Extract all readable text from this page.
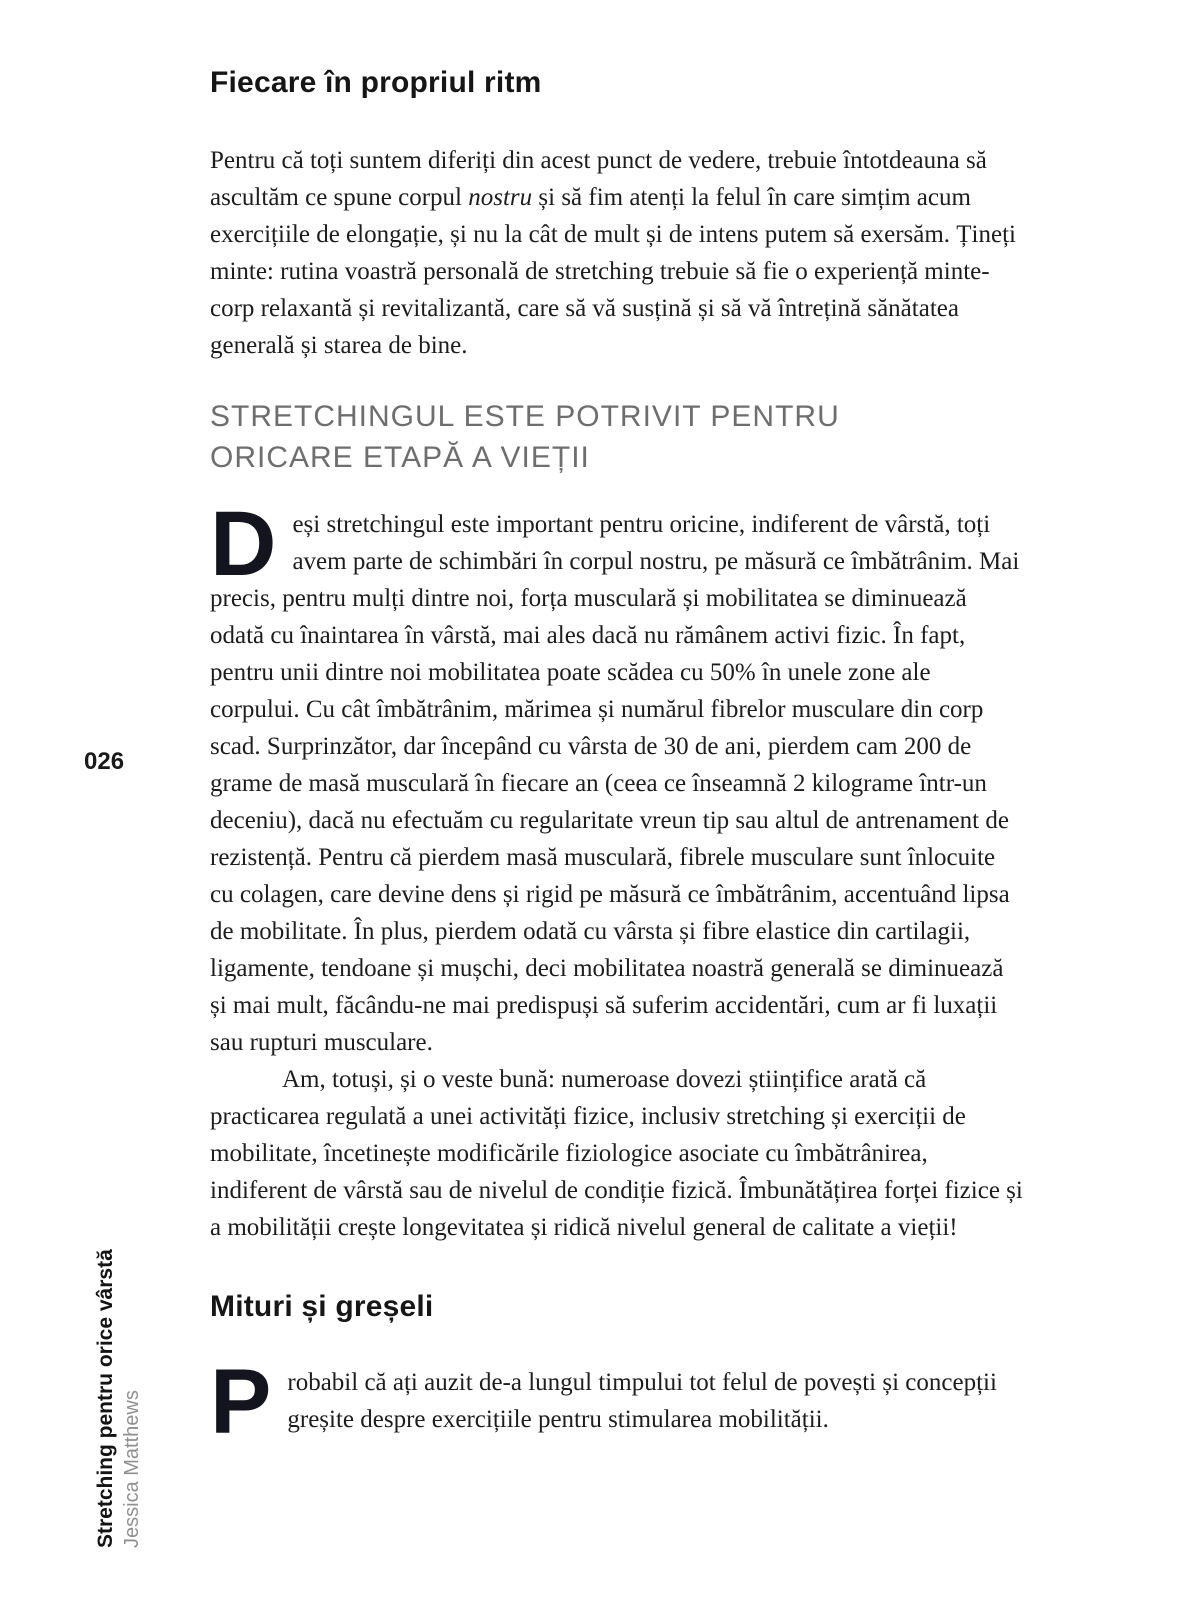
026
Stretching pentru orice vârstă Jessica Matthews
Fiecare în propriul ritm

Pentru că toți suntem diferiți din acest punct de vedere, trebuie întotdeauna să ascultăm ce spune corpul nostru și să fim atenți la felul în care simțim acum exercițiile de elongație, și nu la cât de mult și de intens putem să exersăm. Țineți minte: rutina voastră personală de stretching trebuie să fie o experiență minte-corp relaxantă și revitalizantă, care să vă susțină și să vă întrețină sănătatea generală și starea de bine.

STRETCHINGUL ESTE POTRIVIT PENTRU
ORICARE ETAPĂ A VIEȚII

Deși stretchingul este important pentru oricine, indiferent de vârstă, toți avem parte de schimbări în corpul nostru, pe măsură ce îmbătrânim. Mai precis, pentru mulți dintre noi, forța musculară și mobilitatea se diminuează odată cu înaintarea în vârstă, mai ales dacă nu rămânem activi fizic. În fapt, pentru unii dintre noi mobilitatea poate scădea cu 50% în unele zone ale corpului. Cu cât îmbătrânim, mărimea și numărul fibrelor musculare din corp scad. Surprinzător, dar începând cu vârsta de 30 de ani, pierdem cam 200 de grame de masă musculară în fiecare an (ceea ce înseamnă 2 kilograme într-un deceniu), dacă nu efectuăm cu regularitate vreun tip sau altul de antrenament de rezistență. Pentru că pierdem masă musculară, fibrele musculare sunt înlocuite cu colagen, care devine dens și rigid pe măsură ce îmbătrânim, accentuând lipsa de mobilitate. În plus, pierdem odată cu vârsta și fibre elastice din cartilagii, ligamente, tendoane și mușchi, deci mobilitatea noastră generală se diminuează și mai mult, făcându-ne mai predispuși să suferim accidentări, cum ar fi luxații sau rupturi musculare.

Am, totuși, și o veste bună: numeroase dovezi științifice arată că practicarea regulată a unei activități fizice, inclusiv stretching și exerciții de mobilitate, încetinește modificările fiziologice asociate cu îmbătrânirea, indiferent de vârstă sau de nivelul de condiție fizică. Îmbunătățirea forței fizice și a mobilității crește longevitatea și ridică nivelul general de calitate a vieții!

Mituri și greșeli

Probabil că ați auzit de-a lungul timpului tot felul de povești și concepții greșite despre exercițiile pentru stimularea mobilității.
